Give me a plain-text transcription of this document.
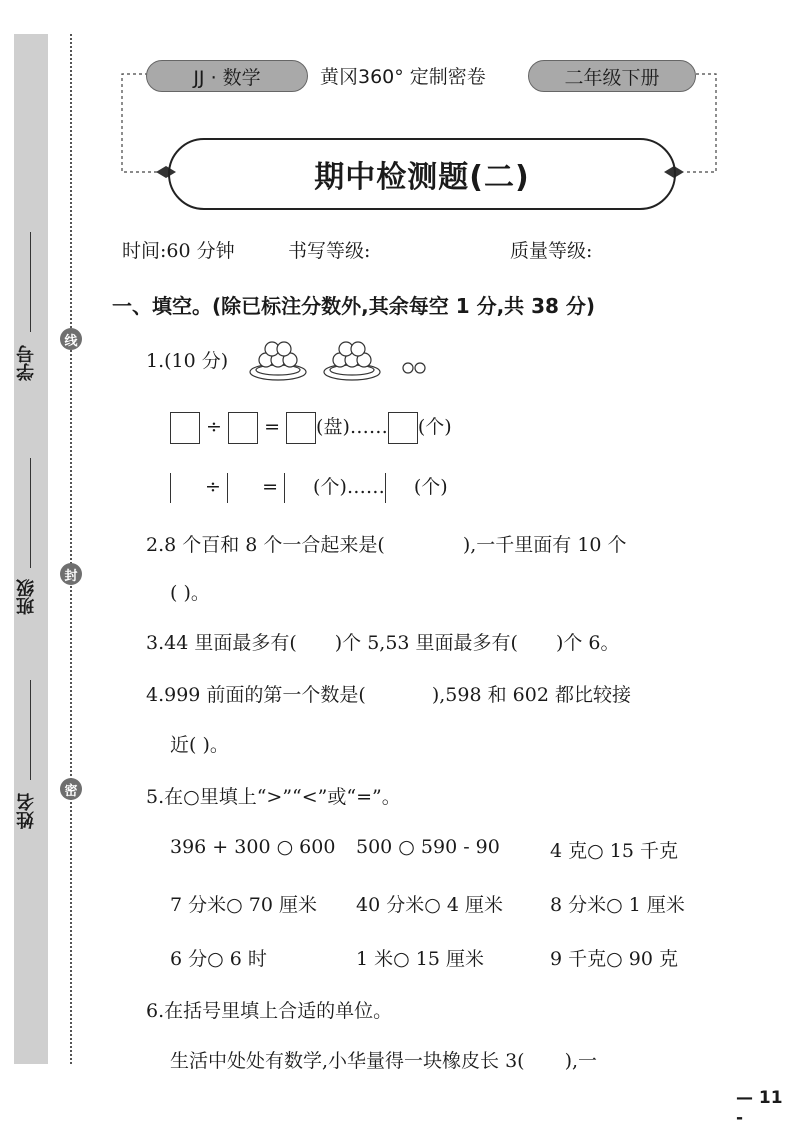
学号
班级
姓名
线
封
密
JJ · 数学	黄冈360° 定制密卷	二年级下册
期中检测题(二)
时间:60 分钟	书写等级:	质量等级:
一、填空。(除已标注分数外,其余每空 1 分,共 38 分)
1.(10 分)
÷ = (盘)…… (个)
÷ = (个)…… (个)
2.8 个百和 8 个一合起来是(	),一千里面有 10 个
( )。
3.44 里面最多有( )个 5,53 里面最多有( )个 6。
4.999 前面的第一个数是(	),598 和 602 都比较接
近( )。
5.在○里填上“>”“<”或“=”。
396 + 300 ○ 600 500 ○ 590 - 90	4 克○ 15 千克
7 分米○ 70 厘米 40 分米○ 4 厘米 8 分米○ 1 厘米
6 分○ 6 时	1 米○ 15 厘米	9 千克○ 90 克
6.在括号里填上合适的单位。
生活中处处有数学,小华量得一块橡皮长 3( ),一
— 11 -
